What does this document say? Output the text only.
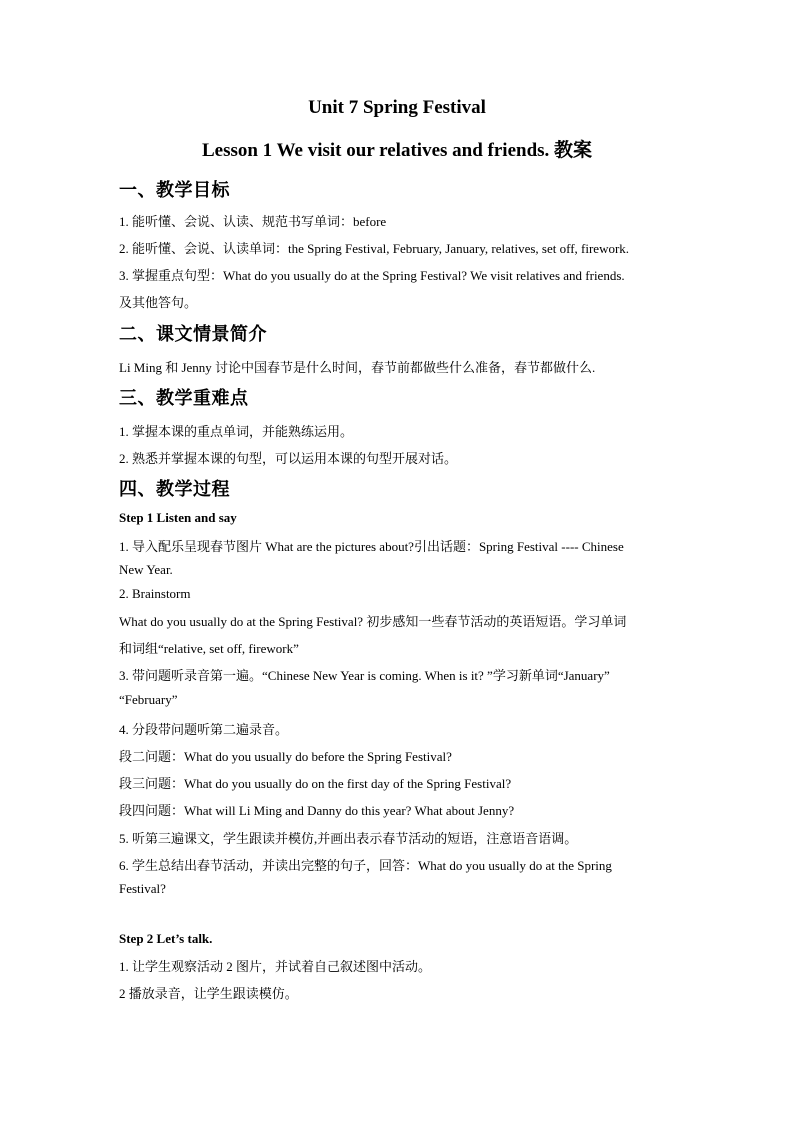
Unit 7 Spring Festival
Lesson 1 We visit our relatives and friends. 教案
一、教学目标
1. 能听懂、会说、认读、规范书写单词：before
2. 能听懂、会说、认读单词：the Spring Festival, February, January, relatives, set off, firework.
3. 掌握重点句型：What do you usually do at the Spring Festival? We visit relatives and friends.
及其他答句。
二、课文情景简介
Li Ming 和 Jenny 讨论中国春节是什么时间，春节前都做些什么准备，春节都做什么.
三、教学重难点
1. 掌握本课的重点单词，并能熟练运用。
2. 熟悉并掌握本课的句型，可以运用本课的句型开展对话。
四、教学过程
Step 1 Listen and say
1. 导入配乐呈现春节图片 What are the pictures about?引出话题：Spring Festival ---- Chinese
New Year.
2. Brainstorm
What do you usually do at the Spring Festival? 初步感知一些春节活动的英语短语。学习单词
和词组“relative, set off, firework”
3. 带问题听录音第一遍。“Chinese New Year is coming. When is it? ”学习新单词“January”
“February”
4. 分段带问题听第二遍录音。
段二问题：What do you usually do before the Spring Festival?
段三问题：What do you usually do on the first day of the Spring Festival?
段四问题：What will Li Ming and Danny do this year? What about Jenny?
5. 听第三遍课文，学生跟读并模仿,并画出表示春节活动的短语，注意语音语调。
6. 学生总结出春节活动，并读出完整的句子，回答：What do you usually do at the Spring
Festival?
Step 2 Let’s talk.
1. 让学生观察活动 2 图片，并试着自己叙述图中活动。
2 播放录音，让学生跟读模仿。
